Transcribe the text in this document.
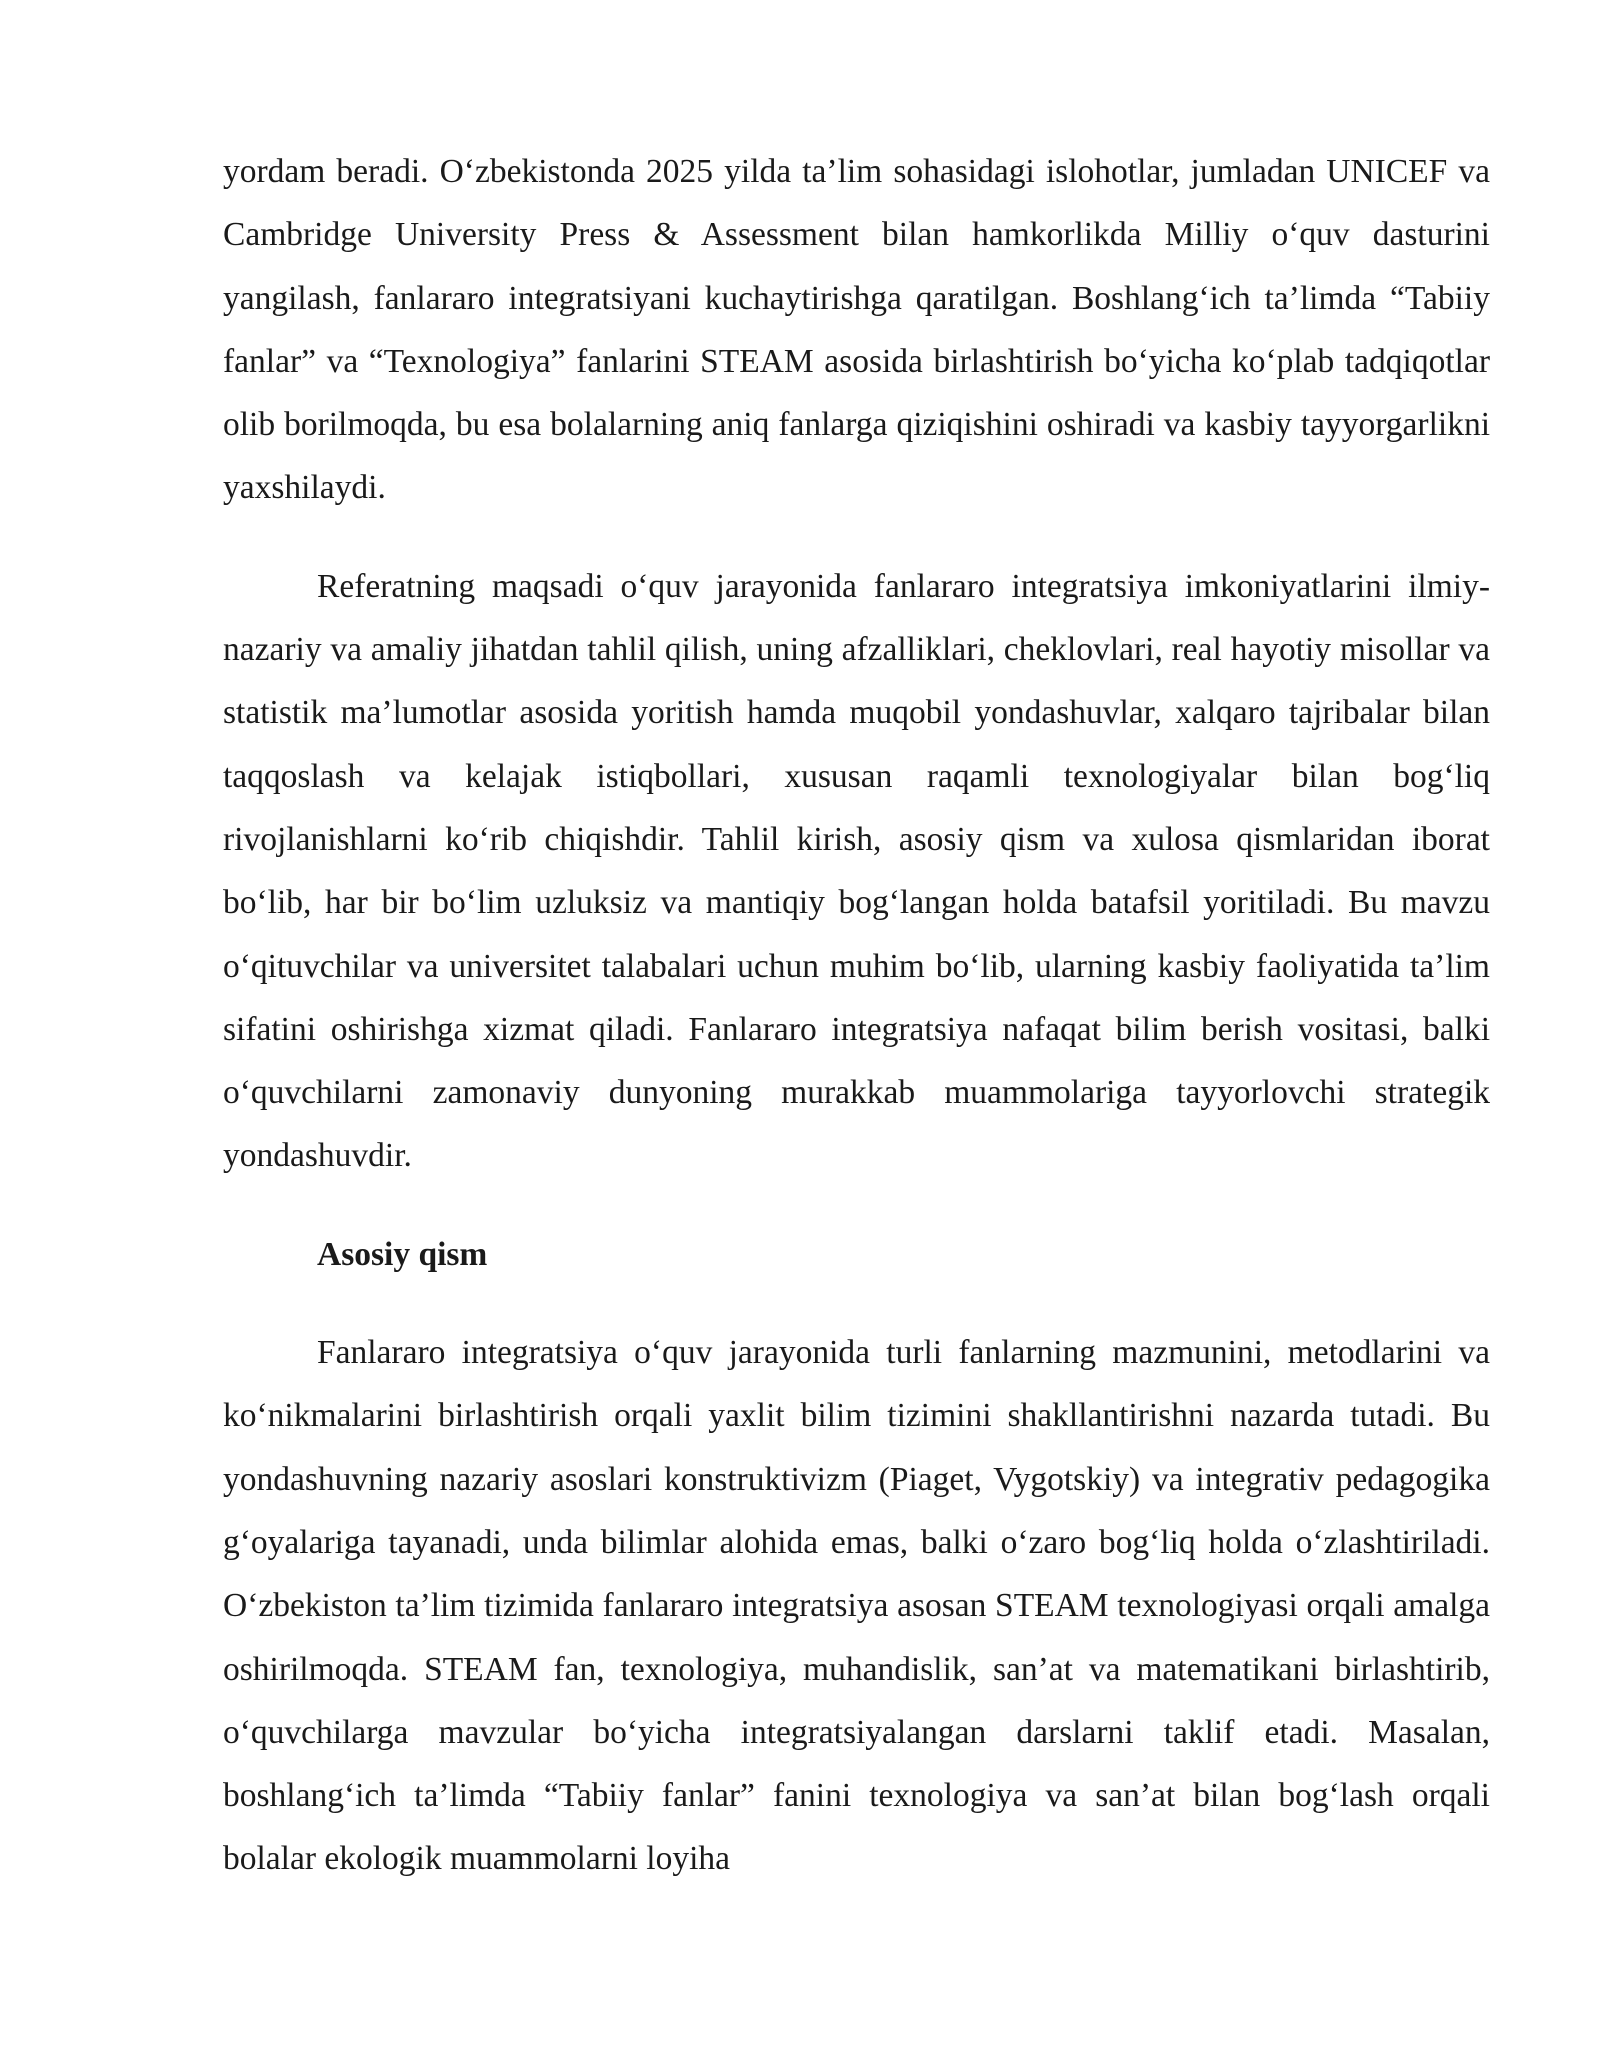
yordam beradi. O‘zbekistonda 2025 yilda ta’lim sohasidagi islohotlar, jumladan UNICEF va Cambridge University Press & Assessment bilan hamkorlikda Milliy o‘quv dasturini yangilash, fanlararo integratsiyani kuchaytirishga qaratilgan. Boshlang‘ich ta’limda “Tabiiy fanlar” va “Texnologiya” fanlarini STEAM asosida birlashtirish bo‘yicha ko‘plab tadqiqotlar olib borilmoqda, bu esa bolalarning aniq fanlarga qiziqishini oshiradi va kasbiy tayyorgarlikni yaxshilaydi.

Referatning maqsadi o‘quv jarayonida fanlararo integratsiya imkoniyatlarini ilmiy-nazariy va amaliy jihatdan tahlil qilish, uning afzalliklari, cheklovlari, real hayotiy misollar va statistik ma’lumotlar asosida yoritish hamda muqobil yondashuvlar, xalqaro tajribalar bilan taqqoslash va kelajak istiqbollari, xususan raqamli texnologiyalar bilan bog‘liq rivojlanishlarni ko‘rib chiqishdir. Tahlil kirish, asosiy qism va xulosa qismlaridan iborat bo‘lib, har bir bo‘lim uzluksiz va mantiqiy bog‘langan holda batafsil yoritiladi. Bu mavzu o‘qituvchilar va universitet talabalari uchun muhim bo‘lib, ularning kasbiy faoliyatida ta’lim sifatini oshirishga xizmat qiladi. Fanlararo integratsiya nafaqat bilim berish vositasi, balki o‘quvchilarni zamonaviy dunyoning murakkab muammolariga tayyorlovchi strategik yondashuvdir.

Asosiy qism

Fanlararo integratsiya o‘quv jarayonida turli fanlarning mazmunini, metodlarini va ko‘nikmalarini birlashtirish orqali yaxlit bilim tizimini shakllantirishni nazarda tutadi. Bu yondashuvning nazariy asoslari konstruktivizm (Piaget, Vygotskiy) va integrativ pedagogika g‘oyalariga tayanadi, unda bilimlar alohida emas, balki o‘zaro bog‘liq holda o‘zlashtiriladi. O‘zbekiston ta’lim tizimida fanlararo integratsiya asosan STEAM texnologiyasi orqali amalga oshirilmoqda. STEAM fan, texnologiya, muhandislik, san’at va matematikani birlashtirib, o‘quvchilarga mavzular bo‘yicha integratsiyalangan darslarni taklif etadi. Masalan, boshlang‘ich ta’limda “Tabiiy fanlar” fanini texnologiya va san’at bilan bog‘lash orqali bolalar ekologik muammolarni loyiha
